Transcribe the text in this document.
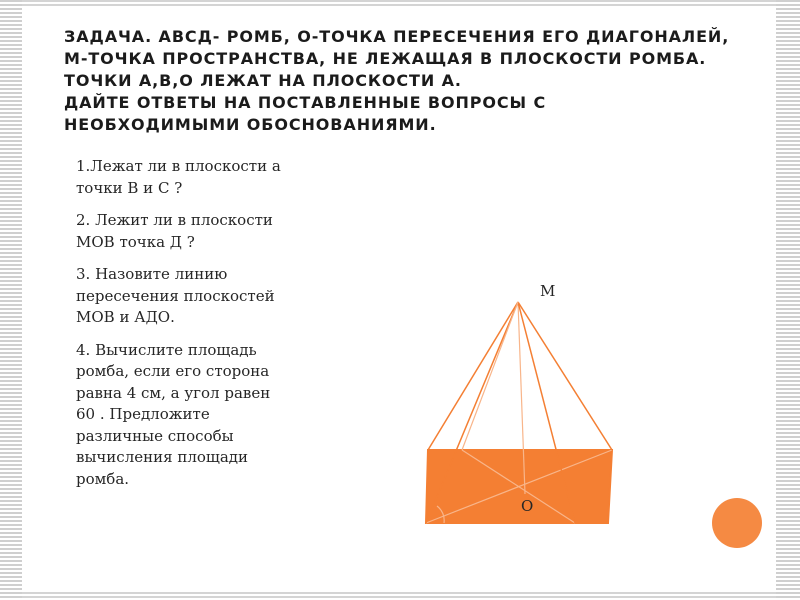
ЗАДАЧА. АВСД- РОМБ, О-ТОЧКА ПЕРЕСЕЧЕНИЯ ЕГО ДИАГОНАЛЕЙ,
М-ТОЧКА ПРОСТРАНСТВА, НЕ ЛЕЖАЩАЯ В ПЛОСКОСТИ РОМБА.
ТОЧКИ А,В,О ЛЕЖАТ НА ПЛОСКОСТИ А.
ДАЙТЕ ОТВЕТЫ НА ПОСТАВЛЕННЫЕ ВОПРОСЫ С
НЕОБХОДИМЫМИ ОБОСНОВАНИЯМИ.

1.Лежат ли в плоскости а
точки В и С ?

2. Лежит ли в плоскости
МОВ точка Д ?

3. Назовите линию
пересечения плоскостей
МОВ и АДО.

4. Вычислите площадь
ромба, если его сторона
равна 4 см, а угол равен
60 . Предложите
различные способы
вычисления площади
ромба.

M
O
